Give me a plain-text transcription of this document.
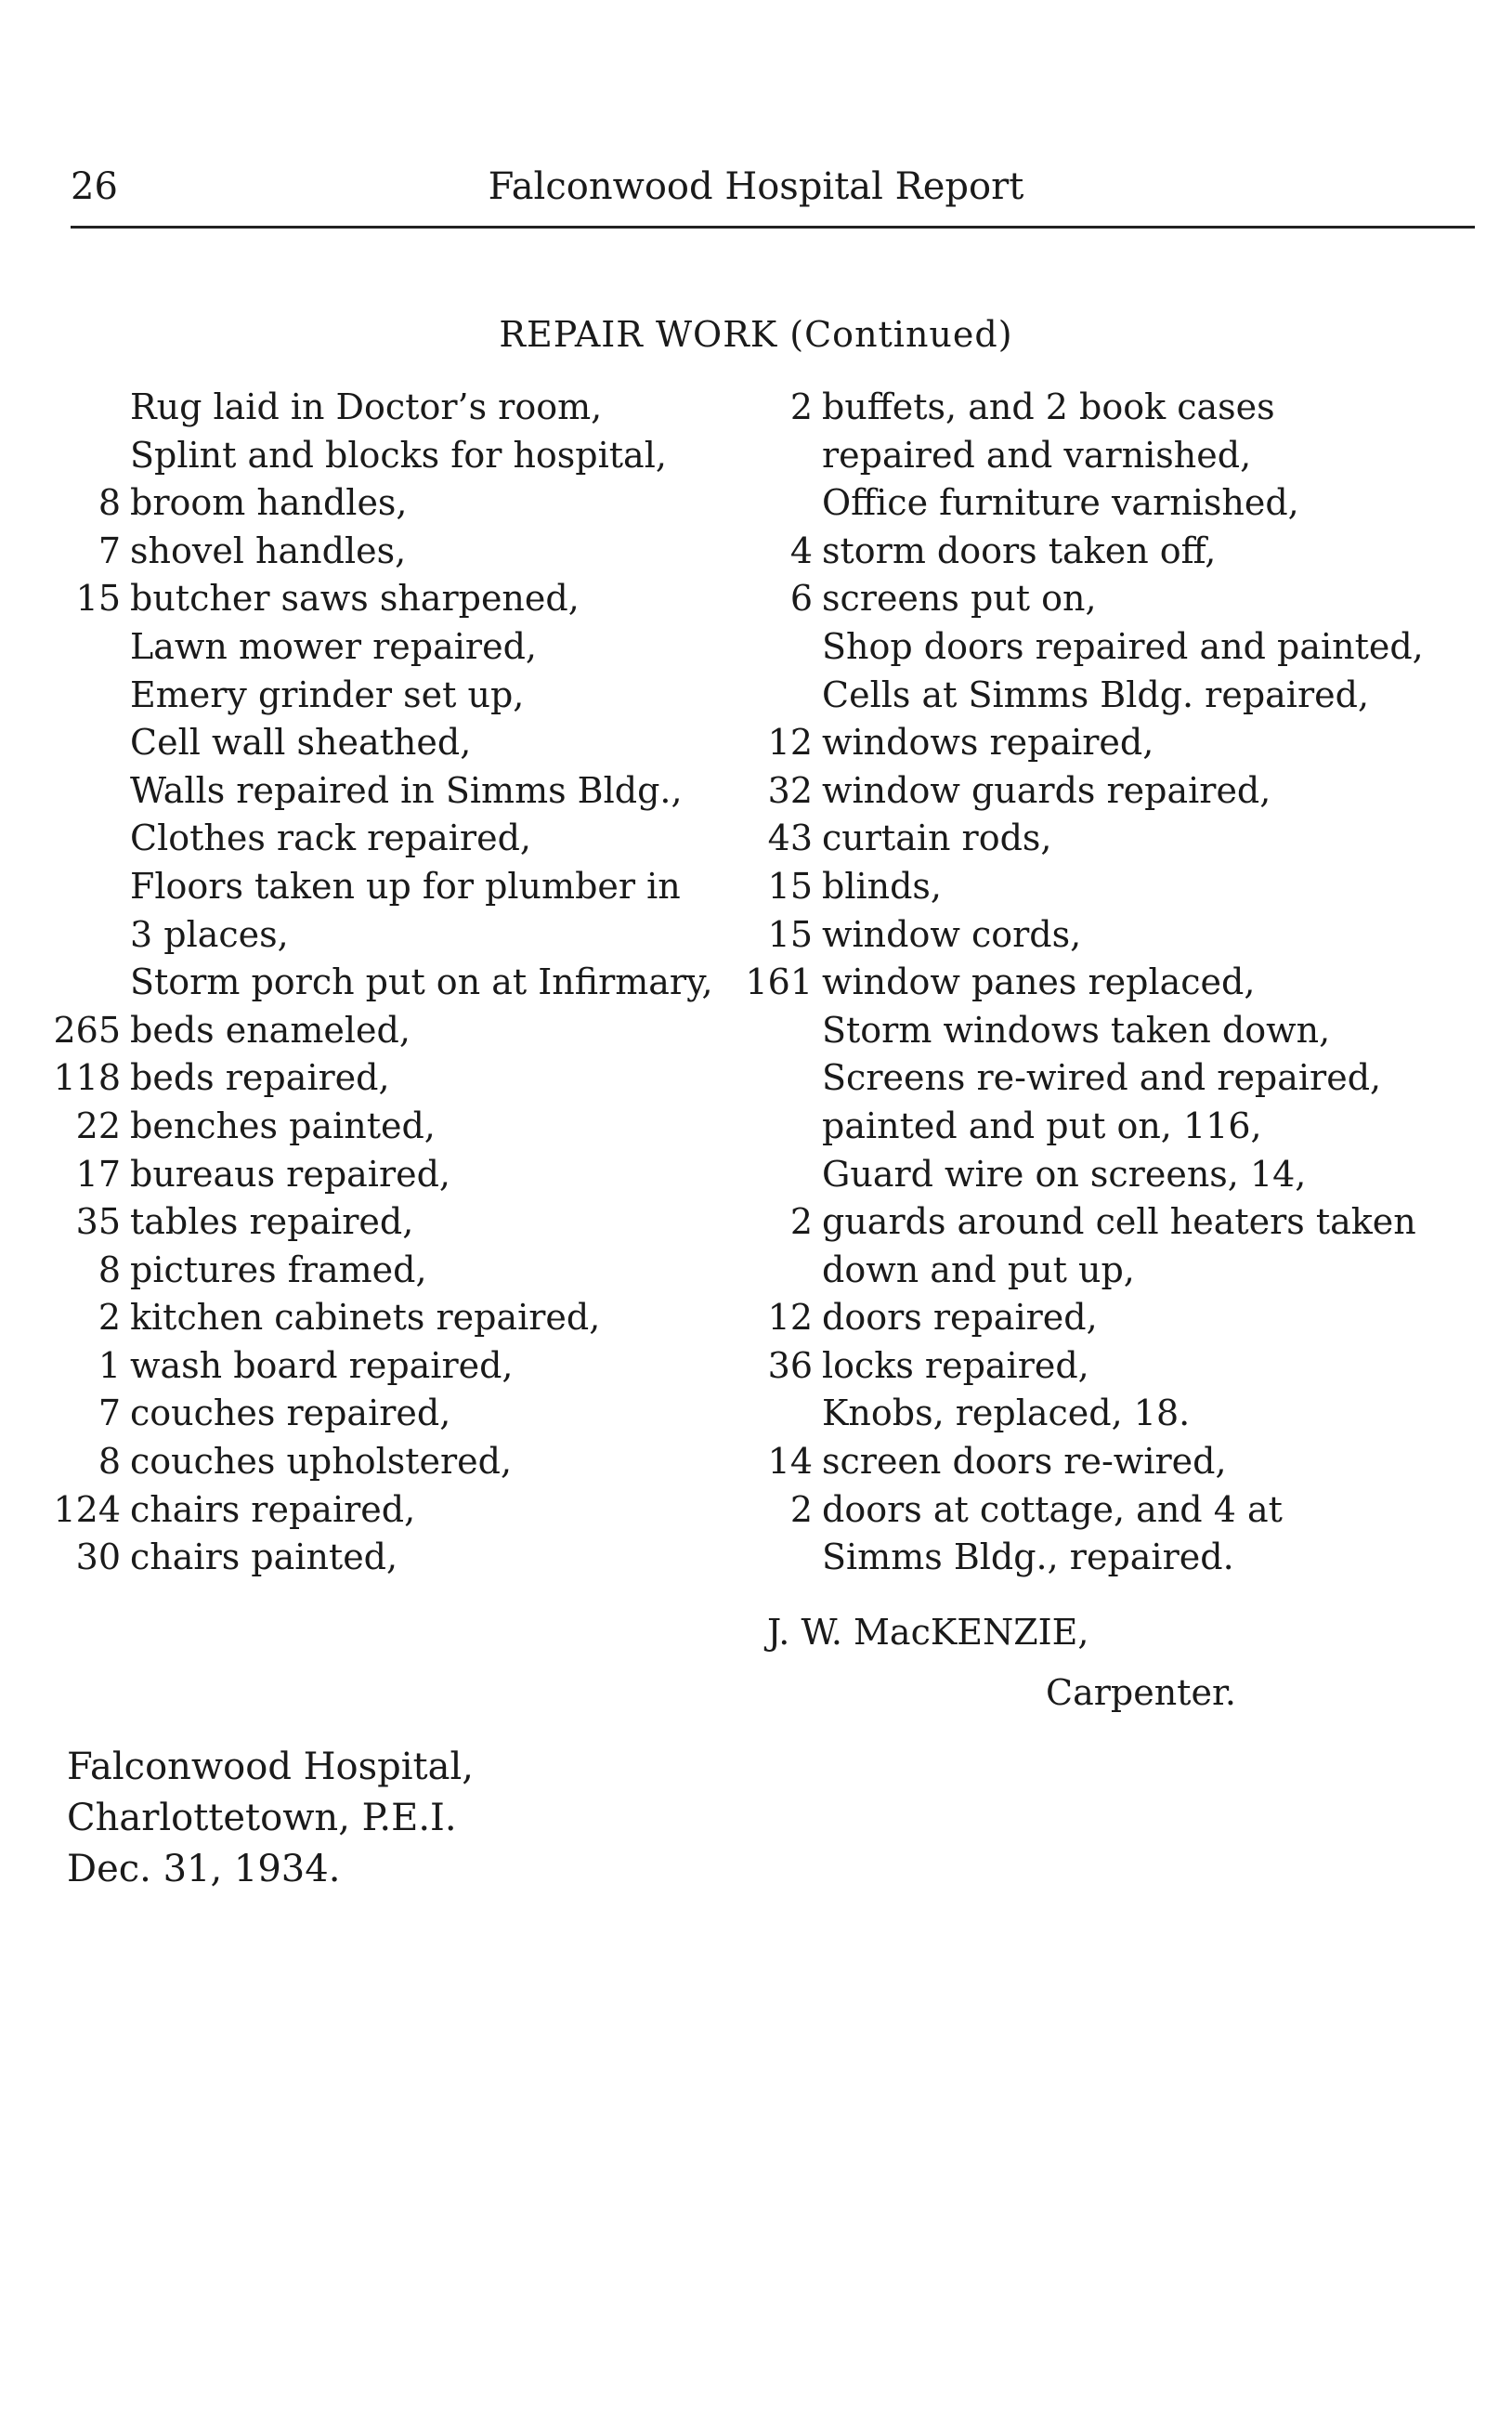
26	Falconwood Hospital Report
REPAIR WORK (Continued)
Rug laid in Doctor’s room,
Splint and blocks for hospital,
8 broom handles,
7 shovel handles,
15 butcher saws sharpened,
Lawn mower repaired,
Emery grinder set up,
Cell wall sheathed,
Walls repaired in Simms Bldg.,
Clothes rack repaired,
Floors taken up for plumber in
3 places,
Storm porch put on at Infirmary,
265 beds enameled,
118 beds repaired,
22 benches painted,
17 bureaus repaired,
35 tables repaired,
8 pictures framed,
2 kitchen cabinets repaired,
1 wash board repaired,
7 couches repaired,
8 couches upholstered,
124 chairs repaired,
30 chairs painted,
2 buffets, and 2 book cases
repaired and varnished,
Office furniture varnished,
4 storm doors taken off,
6 screens put on,
Shop doors repaired and painted,
Cells at Simms Bldg. repaired,
12 windows repaired,
32 window guards repaired,
43 curtain rods,
15 blinds,
15 window cords,
161 window panes replaced,
Storm windows taken down,
Screens re-wired and repaired,
painted and put on, 116,
Guard wire on screens, 14,
2 guards around cell heaters taken
down and put up,
12 doors repaired,
36 locks repaired,
Knobs, replaced, 18.
14 screen doors re-wired,
2 doors at cottage, and 4 at
Simms Bldg., repaired.
J. W. MacKENZIE,
Carpenter.
Falconwood Hospital,
Charlottetown, P.E.I.
Dec. 31, 1934.
